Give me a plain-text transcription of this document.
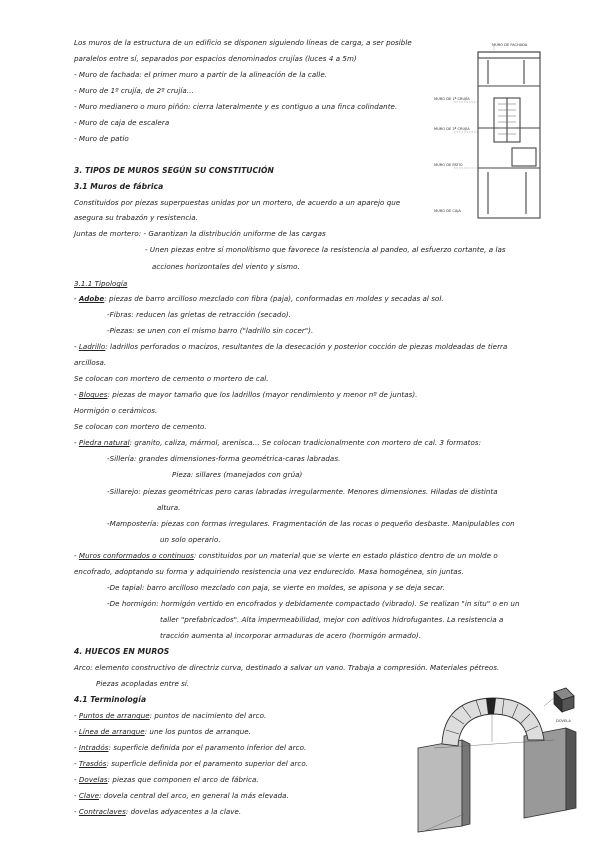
Los muros de la estructura de un edificio se disponen siguiendo líneas de carga, a ser posible
paralelos entre sí, separados por espacios denominados crujías (luces 4 a 5m)
- Muro de fachada: el primer muro a partir de la alineación de la calle.
- Muro de 1º crujía, de 2º crujía…
- Muro medianero o muro piñón: cierra lateralmente y es contiguo a una finca colindante.
- Muro de caja de escalera
- Muro de patio
3. TIPOS DE MUROS SEGÚN SU CONSTITUCIÓN
3.1 Muros de fábrica
Constituidos por piezas superpuestas unidas por un mortero, de acuerdo a un aparejo que
asegura su trabazón y resistencia.
Juntas de mortero: - Garantizan la distribución uniforme de las cargas
- Unen piezas entre sí monolítismo que favorece la resistencia al pandeo, al esfuerzo cortante, a las
acciones horizontales del viento y sismo.
3.1.1 Tipología
- Adobe: piezas de barro arcilloso mezclado con fibra (paja), conformadas en moldes y secadas al sol.
-Fibras: reducen las grietas de retracción (secado).
-Piezas: se unen con el mismo barro ("ladrillo sin cocer").
- Ladrillo: ladrillos perforados o macizos, resultantes de la desecación y posterior cocción de piezas moldeadas de tierra
arcillosa.
Se colocan con mortero de cemento o mortero de cal.
- Bloques: piezas de mayor tamaño que los ladrillos (mayor rendimiento y menor nº de juntas).
Hormigón o cerámicos.
Se colocan con mortero de cemento.
- Piedra natural: granito, caliza, mármol, arenisca… Se colocan tradicionalmente con mortero de cal. 3 formatos:
-Sillería: grandes dimensiones-forma geométrica-caras labradas.
Pieza: sillares (manejados con grúa)
-Sillarejo: piezas geométricas pero caras labradas irregularmente. Menores dimensiones. Hiladas de distinta
altura.
-Mampostería: piezas con formas irregulares. Fragmentación de las rocas o pequeño desbaste. Manipulables con
un solo operario.
- Muros conformados o continuos: constituidos por un material que se vierte en estado plástico dentro de un molde o
encofrado, adoptando su forma y adquiriendo resistencia una vez endurecido. Masa homogénea, sin juntas.
-De tapial: barro arcilloso mezclado con paja, se vierte en moldes, se apisona y se deja secar.
-De hormigón: hormigón vertido en encofrados y debidamente compactado (vibrado). Se realizan "in situ" o en un
taller "prefabricados". Alta impermeabilidad, mejor con aditivos hidrofugantes. La resistencia a
tracción aumenta al incorporar armaduras de acero (hormigón armado).
4. HUECOS EN MUROS
Arco: elemento constructivo de directriz curva, destinado a salvar un vano. Trabaja a compresión. Materiales pétreos.
Piezas acopladas entre sí.
4.1 Terminología
- Puntos de arranque: puntos de nacimiento del arco.
- Línea de arranque: une los puntos de arranque.
- Intradós: superficie definida por el paramento inferior del arco.
- Trasdós: superficie definida por el paramento superior del arco.
- Dovelas: piezas que componen el arco de fábrica.
- Clave: dovela central del arco, en general la más elevada.
- Contraclaves: dovelas adyacentes a la clave.
MURO DE FACHADA
MURO DE 1ª CRUJÍA
MURO DE 2ª CRUJÍA
MURO DE PATIO
MURO DE CAJA
DOVELA
